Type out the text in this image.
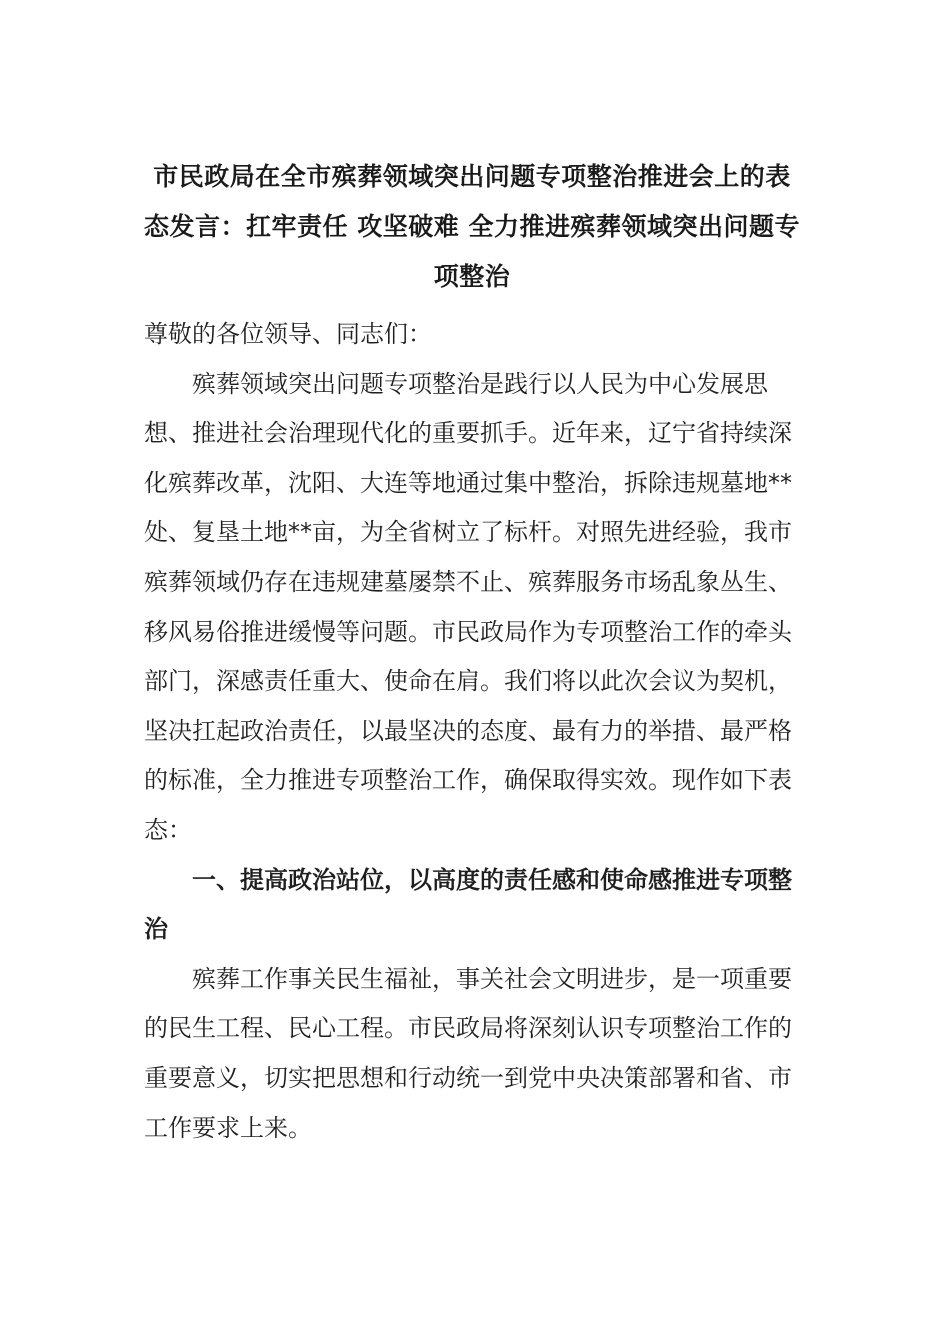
市民政局在全市殡葬领域突出问题专项整治推进会上的表态发言：扛牢责任 攻坚破难 全力推进殡葬领域突出问题专项整治

尊敬的各位领导、同志们：

殡葬领域突出问题专项整治是践行以人民为中心发展思想、推进社会治理现代化的重要抓手。近年来，辽宁省持续深化殡葬改革，沈阳、大连等地通过集中整治，拆除违规墓地**处、复垦土地**亩，为全省树立了标杆。对照先进经验，我市殡葬领域仍存在违规建墓屡禁不止、殡葬服务市场乱象丛生、移风易俗推进缓慢等问题。市民政局作为专项整治工作的牵头部门，深感责任重大、使命在肩。我们将以此次会议为契机，坚决扛起政治责任，以最坚决的态度、最有力的举措、最严格的标准，全力推进专项整治工作，确保取得实效。现作如下表态：

一、提高政治站位，以高度的责任感和使命感推进专项整治

殡葬工作事关民生福祉，事关社会文明进步，是一项重要的民生工程、民心工程。市民政局将深刻认识专项整治工作的重要意义，切实把思想和行动统一到党中央决策部署和省、市工作要求上来。
